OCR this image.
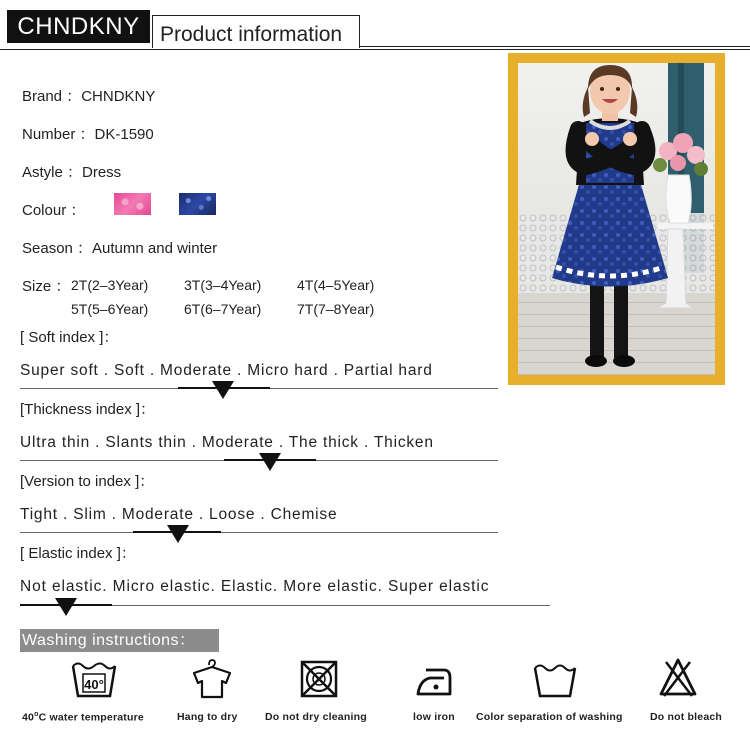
CHNDKNY Product information
Brand ：CHNDKNY
Number ：DK-1590
Astyle ：Dress
Colour ：
Season ：Autumn and winter
Size ： 2T(2–3Year)	3T(3–4Year)	4T(4–5Year)
5T(5–6Year)	6T(6–7Year)	7T(7–8Year)
[ Soft index ]：
Super soft . Soft . Moderate . Micro hard . Partial hard
[Thickness index ]：
Ultra thin . Slants thin . Moderate . The thick . Thicken
[Version to index ]：
Tight . Slim . Moderate . Loose . Chemise
[ Elastic index ]：
Not elastic. Micro elastic. Elastic. More elastic. Super elastic
Washing instructions：
40°
40$^o$C water temperature	Hang to dry	Do not dry cleaning	low iron Color separation of washing	Do not bleach
